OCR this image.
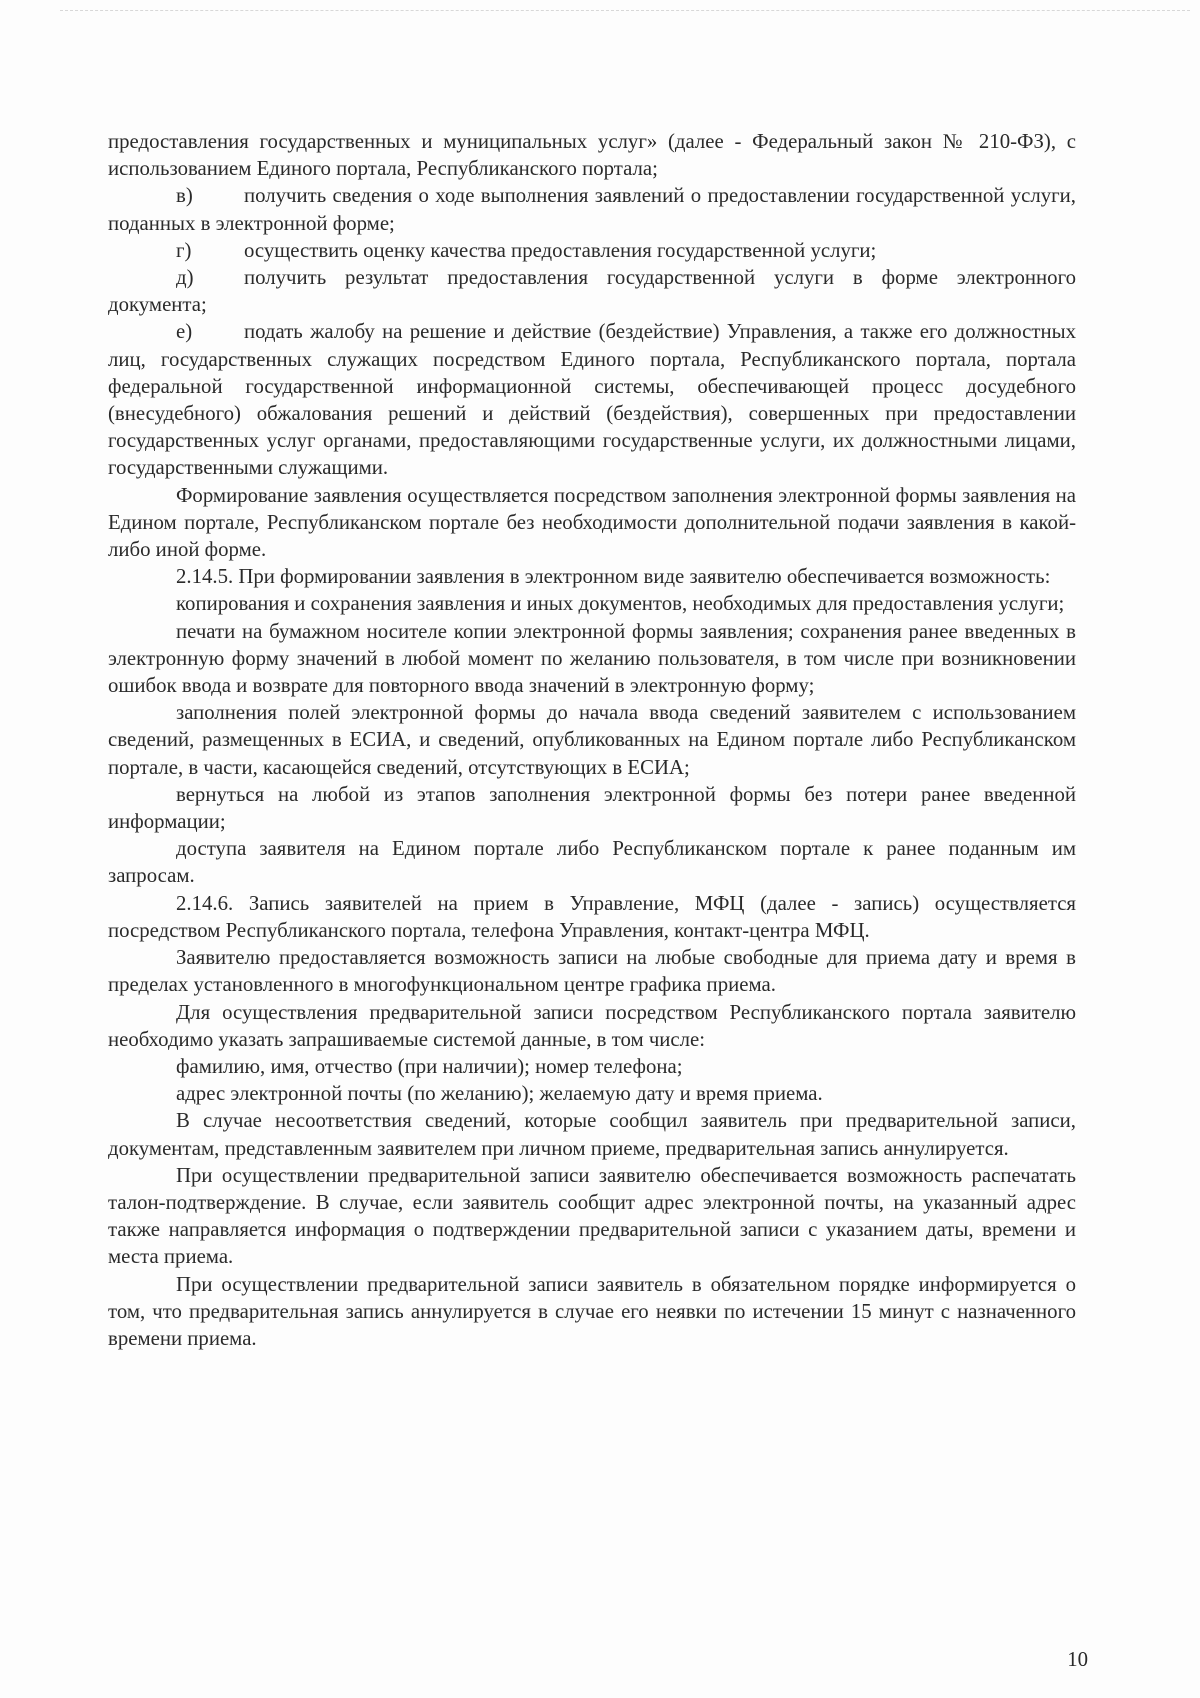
предоставления государственных и муниципальных услуг» (далее - Федеральный закон № 210-ФЗ), с использованием Единого портала, Республиканского портала;

в) получить сведения о ходе выполнения заявлений о предоставлении государственной услуги, поданных в электронной форме;

г)	осуществить оценку качества предоставления государственной услуги;

д) получить результат предоставления государственной услуги в форме электронного документа;

е) подать жалобу на решение и действие (бездействие) Управления, а также его должностных лиц, государственных служащих посредством Единого портала, Республиканского портала, портала федеральной государственной информационной системы, обеспечивающей процесс досудебного (внесудебного) обжалования решений и действий (бездействия), совершенных при предоставлении государственных услуг органами, предоставляющими государственные услуги, их должностными лицами, государственными служащими.

Формирование заявления осуществляется посредством заполнения электронной формы заявления на Едином портале, Республиканском портале без необходимости дополнительной подачи заявления в какой-либо иной форме.

2.14.5. При формировании заявления в электронном виде заявителю обеспечивается возможность:

копирования и сохранения заявления и иных документов, необходимых для предоставления услуги;

печати на бумажном носителе копии электронной формы заявления; сохранения ранее введенных в электронную форму значений в любой момент по желанию пользователя, в том числе при возникновении ошибок ввода и возврате для повторного ввода значений в электронную форму;

заполнения полей электронной формы до начала ввода сведений заявителем с использованием сведений, размещенных в ЕСИА, и сведений, опубликованных на Едином портале либо Республиканском портале, в части, касающейся сведений, отсутствующих в ЕСИА;

вернуться на любой из этапов заполнения электронной формы без потери ранее введенной информации;

доступа заявителя на Едином портале либо Республиканском портале к ранее поданным им запросам.

2.14.6. Запись заявителей на прием в Управление, МФЦ (далее - запись) осуществляется посредством Республиканского портала, телефона Управления, контакт-центра МФЦ.

Заявителю предоставляется возможность записи на любые свободные для приема дату и время в пределах установленного в многофункциональном центре графика приема.

Для осуществления предварительной записи посредством Республиканского портала заявителю необходимо указать запрашиваемые системой данные, в том числе:

фамилию, имя, отчество (при наличии); номер телефона;

адрес электронной почты (по желанию); желаемую дату и время приема.

В случае несоответствия сведений, которые сообщил заявитель при предварительной записи, документам, представленным заявителем при личном приеме, предварительная запись аннулируется.

При осуществлении предварительной записи заявителю обеспечивается возможность распечатать талон-подтверждение. В случае, если заявитель сообщит адрес электронной почты, на указанный адрес также направляется информация о подтверждении предварительной записи с указанием даты, времени и места приема.

При осуществлении предварительной записи заявитель в обязательном порядке информируется о том, что предварительная запись аннулируется в случае его неявки по истечении 15 минут с назначенного времени приема.

10
